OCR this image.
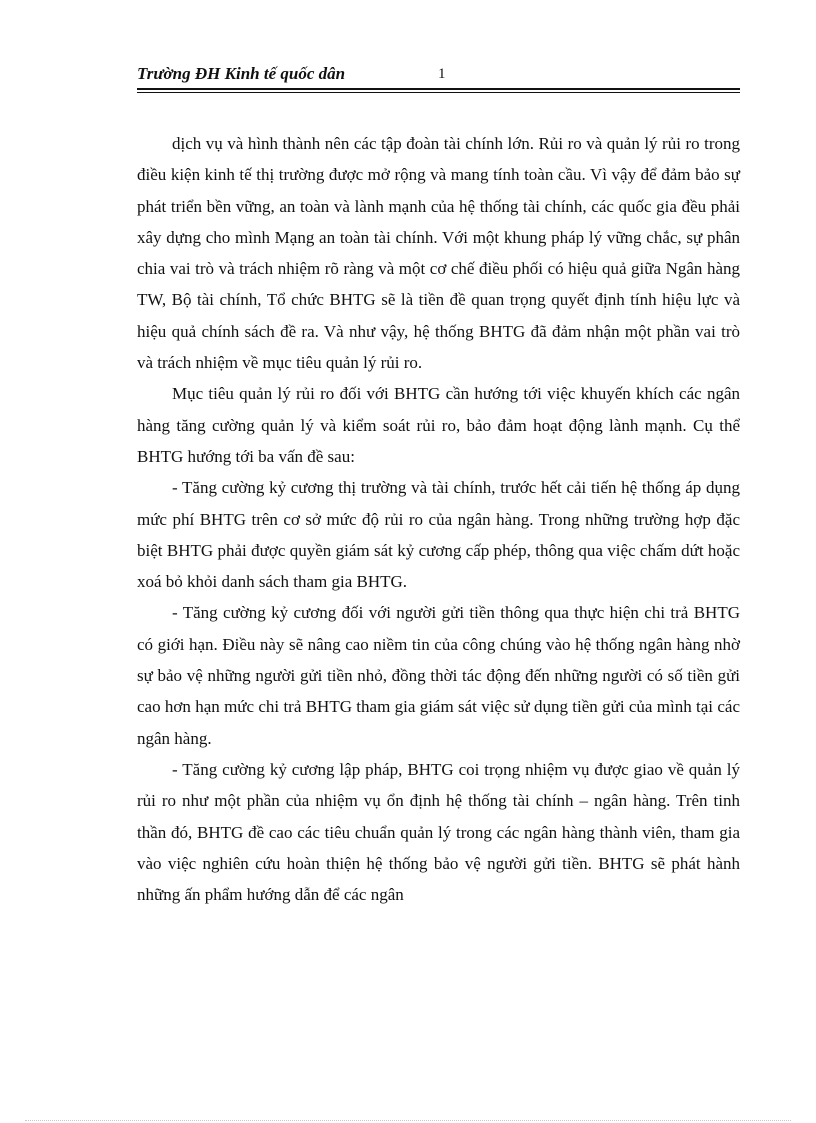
Trường ĐH Kinh tế quốc dân	1

dịch vụ và hình thành nên các tập đoàn tài chính lớn. Rủi ro và quản lý rủi ro trong điều kiện kinh tế thị trường được mở rộng và mang tính toàn cầu. Vì vậy để đảm bảo sự phát triển bền vững, an toàn và lành mạnh của hệ thống tài chính, các quốc gia đều phải xây dựng cho mình Mạng an toàn tài chính. Với một khung pháp lý vững chắc, sự phân chia vai trò và trách nhiệm rõ ràng và một cơ chế điều phối có hiệu quả giữa Ngân hàng TW, Bộ tài chính, Tổ chức BHTG sẽ là tiền đề quan trọng quyết định tính hiệu lực và hiệu quả chính sách đề ra. Và như vậy, hệ thống BHTG đã đảm nhận một phần vai trò và trách nhiệm về mục tiêu quản lý rủi ro.

Mục tiêu quản lý rủi ro đối với BHTG cần hướng tới việc khuyến khích các ngân hàng tăng cường quản lý và kiểm soát rủi ro, bảo đảm hoạt động lành mạnh. Cụ thể BHTG hướng tới ba vấn đề sau:

- Tăng cường kỷ cương thị trường và tài chính, trước hết cải tiến hệ thống áp dụng mức phí BHTG trên cơ sở mức độ rủi ro của ngân hàng. Trong những trường hợp đặc biệt BHTG phải được quyền giám sát kỷ cương cấp phép, thông qua việc chấm dứt hoặc xoá bỏ khỏi danh sách tham gia BHTG.

- Tăng cường kỷ cương đối với người gửi tiền thông qua thực hiện chi trả BHTG có giới hạn. Điều này sẽ nâng cao niềm tin của công chúng vào hệ thống ngân hàng nhờ sự bảo vệ những người gửi tiền nhỏ, đồng thời tác động đến những người có số tiền gửi cao hơn hạn mức chi trả BHTG tham gia giám sát việc sử dụng tiền gửi của mình tại các ngân hàng.

- Tăng cường kỷ cương lập pháp, BHTG coi trọng nhiệm vụ được giao về quản lý rủi ro như một phần của nhiệm vụ ổn định hệ thống tài chính – ngân hàng. Trên tinh thần đó, BHTG đề cao các tiêu chuẩn quản lý trong các ngân hàng thành viên, tham gia vào việc nghiên cứu hoàn thiện hệ thống bảo vệ người gửi tiền. BHTG sẽ phát hành những ấn phẩm hướng dẫn để các ngân
